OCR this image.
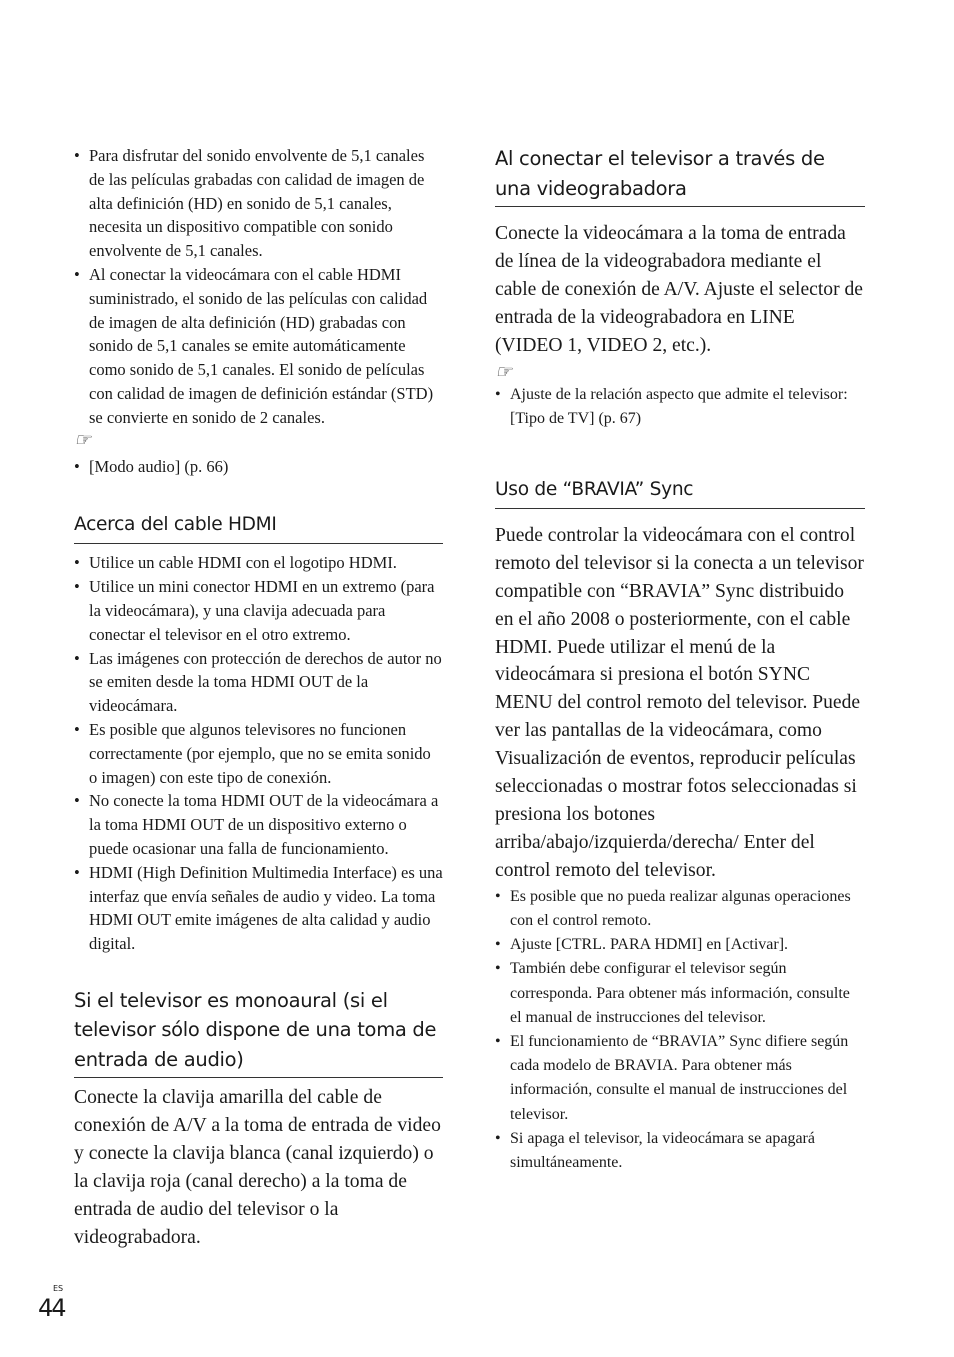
• Para disfrutar del sonido envolvente de 5,1 canales de las películas grabadas con calidad de imagen de alta definición (HD) en sonido de 5,1 canales, necesita un dispositivo compatible con sonido envolvente de 5,1 canales.
• Al conectar la videocámara con el cable HDMI suministrado, el sonido de las películas con calidad de imagen de alta definición (HD) grabadas con sonido de 5,1 canales se emite automáticamente como sonido de 5,1 canales. El sonido de películas con calidad de imagen de definición estándar (STD) se convierte en sonido de 2 canales.
☞
• [Modo audio] (p. 66)
Acerca del cable HDMI
• Utilice un cable HDMI con el logotipo HDMI.
• Utilice un mini conector HDMI en un extremo (para la videocámara), y una clavija adecuada para conectar el televisor en el otro extremo.
• Las imágenes con protección de derechos de autor no se emiten desde la toma HDMI OUT de la videocámara.
• Es posible que algunos televisores no funcionen correctamente (por ejemplo, que no se emita sonido o imagen) con este tipo de conexión.
• No conecte la toma HDMI OUT de la videocámara a la toma HDMI OUT de un dispositivo externo o puede ocasionar una falla de funcionamiento.
• HDMI (High Definition Multimedia Interface) es una interfaz que envía señales de audio y video. La toma HDMI OUT emite imágenes de alta calidad y audio digital.
Si el televisor es monoaural (si el televisor sólo dispone de una toma de entrada de audio)

Conecte la clavija amarilla del cable de conexión de A/V a la toma de entrada de video y conecte la clavija blanca (canal izquierdo) o la clavija roja (canal derecho) a la toma de entrada de audio del televisor o la videograbadora.

Al conectar el televisor a través de una videograbadora

Conecte la videocámara a la toma de entrada de línea de la videograbadora mediante el cable de conexión de A/V. Ajuste el selector de entrada de la videograbadora en LINE (VIDEO 1, VIDEO 2, etc.).

☞
• Ajuste de la relación aspecto que admite el televisor: [Tipo de TV] (p. 67)
Uso de “BRAVIA” Sync

Puede controlar la videocámara con el control remoto del televisor si la conecta a un televisor compatible con “BRAVIA” Sync distribuido en el año 2008 o posteriormente, con el cable HDMI. Puede utilizar el menú de la videocámara si presiona el botón SYNC MENU del control remoto del televisor. Puede ver las pantallas de la videocámara, como Visualización de eventos, reproducir películas seleccionadas o mostrar fotos seleccionadas si presiona los botones arriba/abajo/izquierda/derecha/ Enter del control remoto del televisor.

• Es posible que no pueda realizar algunas operaciones con el control remoto.
• Ajuste [CTRL. PARA HDMI] en [Activar].
• También debe configurar el televisor según corresponda. Para obtener más información, consulte el manual de instrucciones del televisor.
• El funcionamiento de “BRAVIA” Sync difiere según cada modelo de BRAVIA. Para obtener más información, consulte el manual de instrucciones del televisor.
• Si apaga el televisor, la videocámara se apagará simultáneamente.
ES
44
